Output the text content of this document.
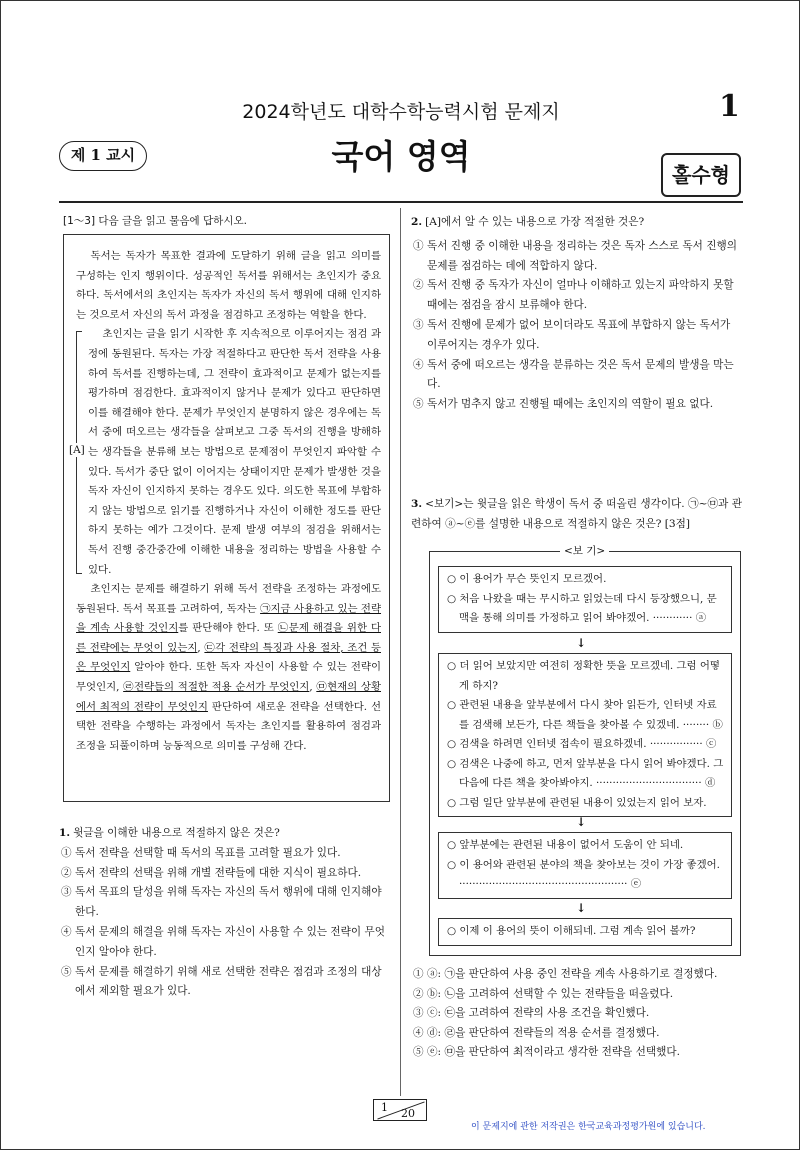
2024학년도 대학수학능력시험 문제지	1
제 1 교시	국어 영역	홀수형
[1～3] 다음 글을 읽고 물음에 답하시오.

독서는 독자가 목표한 결과에 도달하기 위해 글을 읽고 의미를 구성하는 인지 행위이다. 성공적인 독서를 위해서는 초인지가 중요하다. 독서에서의 초인지는 독자가 자신의 독서 행위에 대해 인지하는 것으로서 자신의 독서 과정을 점검하고 조정하는 역할을 한다.

[A]

초인지는 글을 읽기 시작한 후 지속적으로 이루어지는 점검 과정에 동원된다. 독자는 가장 적절하다고 판단한 독서 전략을 사용하여 독서를 진행하는데, 그 전략이 효과적이고 문제가 없는지를 평가하며 점검한다. 효과적이지 않거나 문제가 있다고 판단하면 이를 해결해야 한다. 문제가 무엇인지 분명하지 않은 경우에는 독서 중에 떠오르는 생각들을 살펴보고 그중 독서의 진행을 방해하는 생각들을 분류해 보는 방법으로 문제점이 무엇인지 파악할 수 있다. 독서가 중단 없이 이어지는 상태이지만 문제가 발생한 것을 독자 자신이 인지하지 못하는 경우도 있다. 의도한 목표에 부합하지 않는 방법으로 읽기를 진행하거나 자신이 이해한 정도를 판단하지 못하는 예가 그것이다. 문제 발생 여부의 점검을 위해서는 독서 진행 중간중간에 이해한 내용을 정리하는 방법을 사용할 수 있다.

초인지는 문제를 해결하기 위해 독서 전략을 조정하는 과정에도 동원된다. 독서 목표를 고려하여, 독자는 ㉠지금 사용하고 있는 전략을 계속 사용할 것인지를 판단해야 한다. 또 ㉡문제 해결을 위한 다른 전략에는 무엇이 있는지, ㉢각 전략의 특징과 사용 절차, 조건 등은 무엇인지 알아야 한다. 또한 독자 자신이 사용할 수 있는 전략이 무엇인지, ㉣전략들의 적절한 적용 순서가 무엇인지, ㉤현재의 상황에서 최적의 전략이 무엇인지 판단하여 새로운 전략을 선택한다. 선택한 전략을 수행하는 과정에서 독자는 초인지를 활용하여 점검과 조정을 되풀이하며 능동적으로 의미를 구성해 간다.

1. 윗글을 이해한 내용으로 적절하지 않은 것은?
① 독서 전략을 선택할 때 독서의 목표를 고려할 필요가 있다.
② 독서 전략의 선택을 위해 개별 전략들에 대한 지식이 필요하다.
③ 독서 목표의 달성을 위해 독자는 자신의 독서 행위에 대해 인지해야 한다.
④ 독서 문제의 해결을 위해 독자는 자신이 사용할 수 있는 전략이 무엇인지 알아야 한다.
⑤ 독서 문제를 해결하기 위해 새로 선택한 전략은 점검과 조정의 대상에서 제외할 필요가 있다.
2. [A]에서 알 수 있는 내용으로 가장 적절한 것은?
① 독서 진행 중 이해한 내용을 정리하는 것은 독자 스스로 독서 진행의 문제를 점검하는 데에 적합하지 않다.
② 독서 진행 중 독자가 자신이 얼마나 이해하고 있는지 파악하지 못할 때에는 점검을 잠시 보류해야 한다.
③ 독서 진행에 문제가 없어 보이더라도 목표에 부합하지 않는 독서가 이루어지는 경우가 있다.
④ 독서 중에 떠오르는 생각을 분류하는 것은 독서 문제의 발생을 막는다.
⑤ 독서가 멈추지 않고 진행될 때에는 초인지의 역할이 필요 없다.
3. <보기>는 윗글을 읽은 학생이 독서 중 떠올린 생각이다. ㉠~㉤과 관련하여 ⓐ~ⓔ를 설명한 내용으로 적절하지 않은 것은? [3점]
<보 기>
○ 이 용어가 무슨 뜻인지 모르겠어.
○ 처음 나왔을 때는 무시하고 읽었는데 다시 등장했으니, 문맥을 통해 의미를 가정하고 읽어 봐야겠어. ············ ⓐ
↓
○ 더 읽어 보았지만 여전히 정확한 뜻을 모르겠네. 그럼 어떻게 하지?
○ 관련된 내용을 앞부분에서 다시 찾아 읽든가, 인터넷 자료를 검색해 보든가, 다른 책들을 찾아볼 수 있겠네. ········ ⓑ
○ 검색을 하려면 인터넷 접속이 필요하겠네. ················ ⓒ
○ 검색은 나중에 하고, 먼저 앞부분을 다시 읽어 봐야겠다. 그다음에 다른 책을 찾아봐야지. ································ ⓓ
○ 그럼 일단 앞부분에 관련된 내용이 있었는지 읽어 보자.
↓
○ 앞부분에는 관련된 내용이 없어서 도움이 안 되네.
○ 이 용어와 관련된 분야의 책을 찾아보는 것이 가장 좋겠어. ··················································· ⓔ
↓
○ 이제 이 용어의 뜻이 이해되네. 그럼 계속 읽어 볼까?
① ⓐ: ㉠을 판단하여 사용 중인 전략을 계속 사용하기로 결정했다.
② ⓑ: ㉡을 고려하여 선택할 수 있는 전략들을 떠올렸다.
③ ⓒ: ㉢을 고려하여 전략의 사용 조건을 확인했다.
④ ⓓ: ㉣을 판단하여 전략들의 적용 순서를 결정했다.
⑤ ⓔ: ㉤을 판단하여 최적이라고 생각한 전략을 선택했다.
1 20
이 문제지에 관한 저작권은 한국교육과정평가원에 있습니다.
